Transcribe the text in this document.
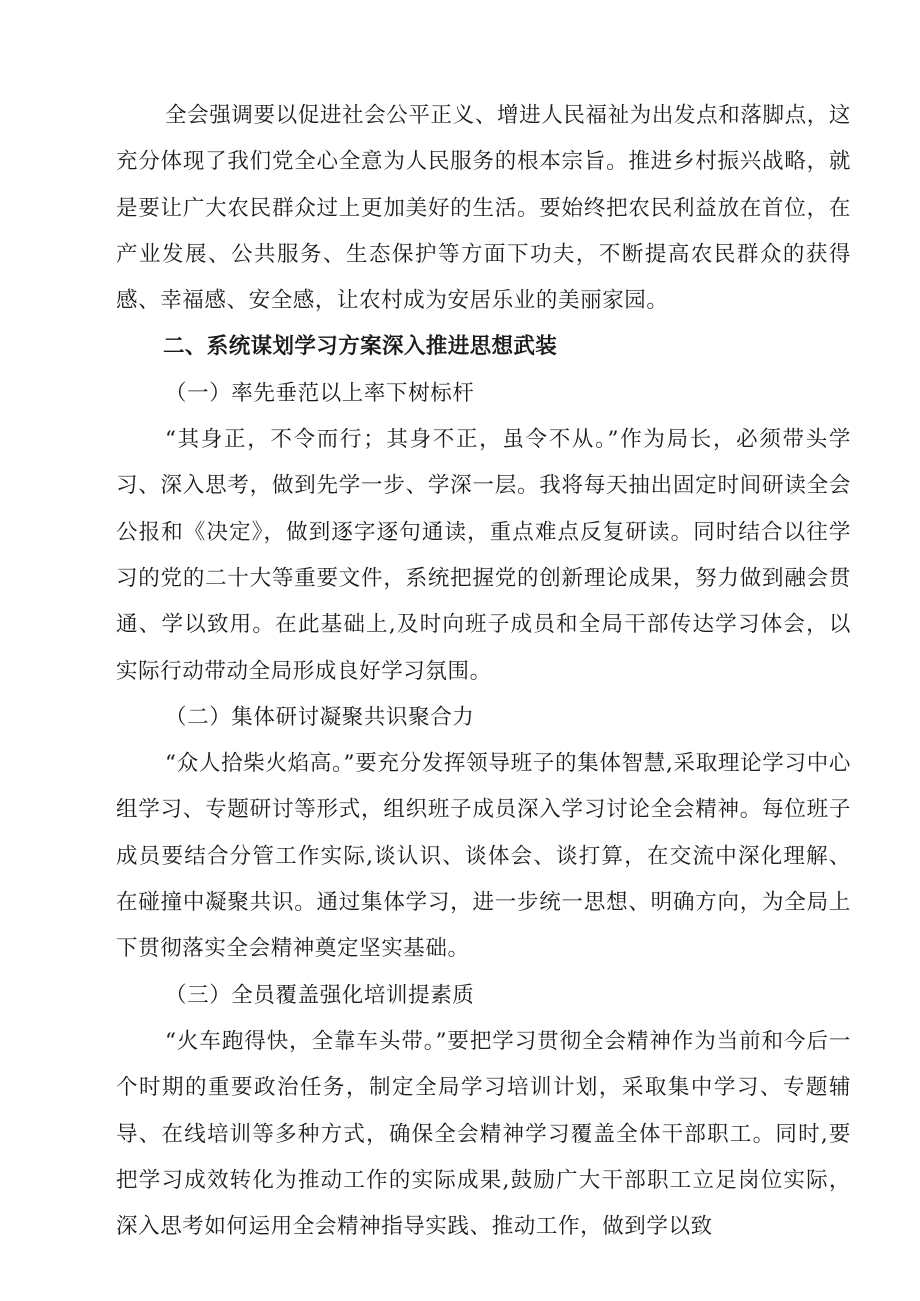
全会强调要以促进社会公平正义、增进人民福祉为出发点和落脚点，这充分体现了我们党全心全意为人民服务的根本宗旨。推进乡村振兴战略，就是要让广大农民群众过上更加美好的生活。要始终把农民利益放在首位，在产业发展、公共服务、生态保护等方面下功夫，不断提高农民群众的获得感、幸福感、安全感，让农村成为安居乐业的美丽家园。

二、系统谋划学习方案深入推进思想武装

（一）率先垂范以上率下树标杆

“其身正，不令而行；其身不正，虽令不从。”作为局长，必须带头学习、深入思考，做到先学一步、学深一层。我将每天抽出固定时间研读全会公报和《决定》，做到逐字逐句通读，重点难点反复研读。同时结合以往学习的党的二十大等重要文件，系统把握党的创新理论成果，努力做到融会贯通、学以致用。在此基础上,及时向班子成员和全局干部传达学习体会，以实际行动带动全局形成良好学习氛围。

（二）集体研讨凝聚共识聚合力

“众人拾柴火焰高。”要充分发挥领导班子的集体智慧,采取理论学习中心组学习、专题研讨等形式，组织班子成员深入学习讨论全会精神。每位班子成员要结合分管工作实际,谈认识、谈体会、谈打算，在交流中深化理解、在碰撞中凝聚共识。通过集体学习，进一步统一思想、明确方向，为全局上下贯彻落实全会精神奠定坚实基础。

（三）全员覆盖强化培训提素质

“火车跑得快，全靠车头带。”要把学习贯彻全会精神作为当前和今后一个时期的重要政治任务，制定全局学习培训计划，采取集中学习、专题辅导、在线培训等多种方式，确保全会精神学习覆盖全体干部职工。同时,要把学习成效转化为推动工作的实际成果,鼓励广大干部职工立足岗位实际，深入思考如何运用全会精神指导实践、推动工作，做到学以致
